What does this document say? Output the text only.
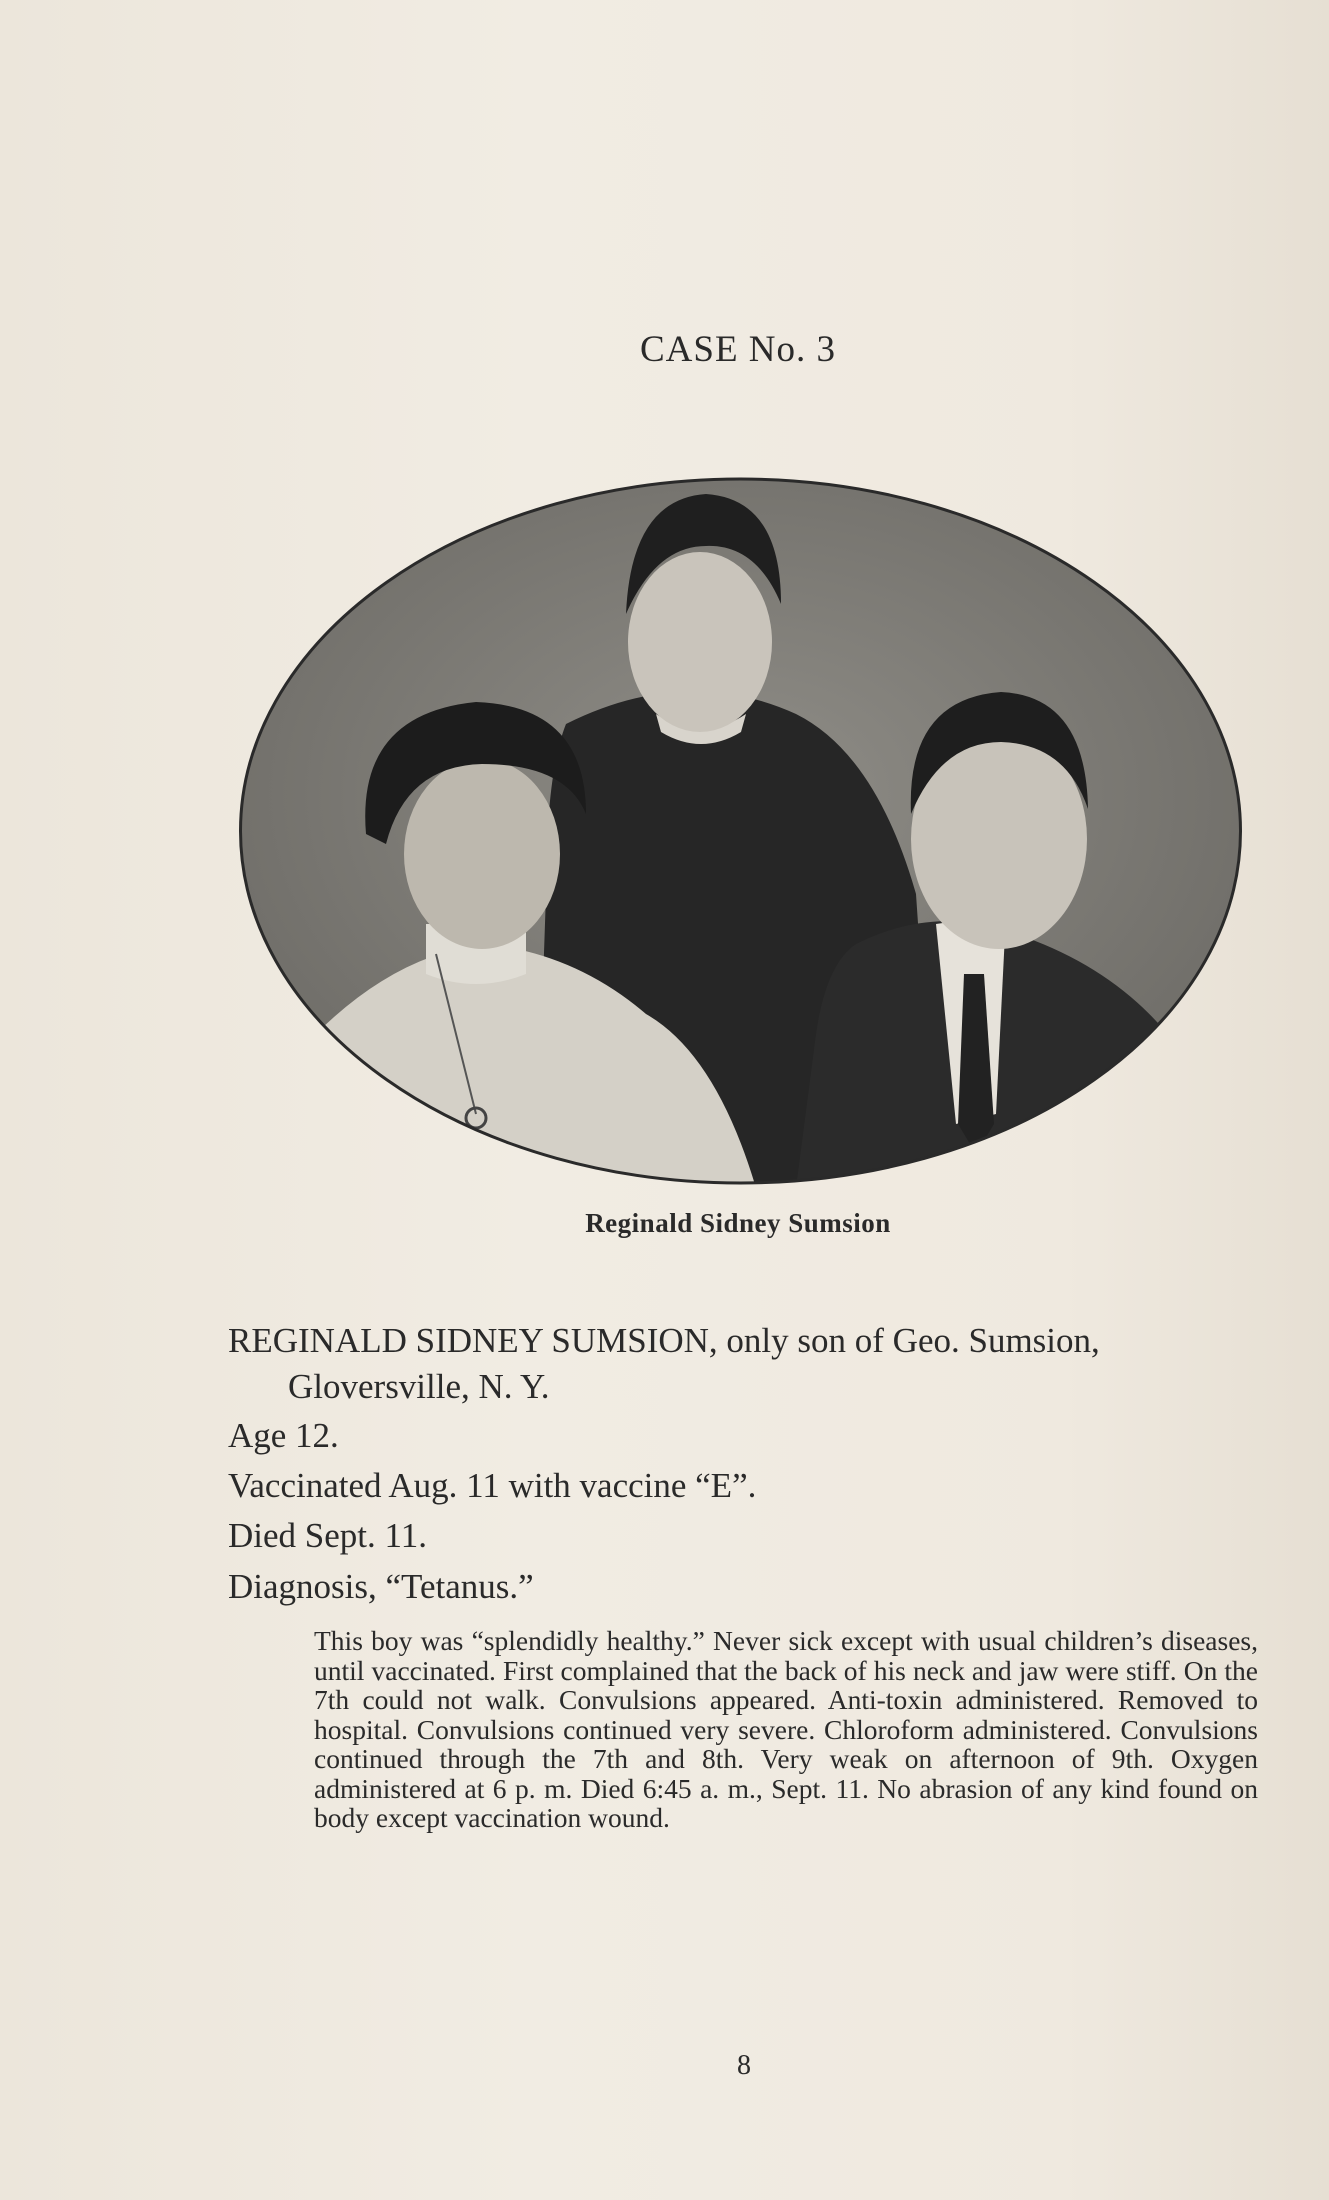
CASE No. 3
Reginald Sidney Sumsion
REGINALD SIDNEY SUMSION, only son of Geo. Sumsion,
Gloversville, N. Y.
Age 12.
Vaccinated Aug. 11 with vaccine “E”.
Died Sept. 11.
Diagnosis, “Tetanus.”
This boy was “splendidly healthy.” Never sick except with usual children’s diseases, until vaccinated. First complained that the back of his neck and jaw were stiff. On the 7th could not walk. Convulsions appeared. Anti-toxin administered. Removed to hospital. Convulsions continued very severe. Chloroform administered. Convulsions continued through the 7th and 8th. Very weak on afternoon of 9th. Oxygen administered at 6 p. m. Died 6:45 a. m., Sept. 11. No abrasion of any kind found on body except vaccination wound.
8
